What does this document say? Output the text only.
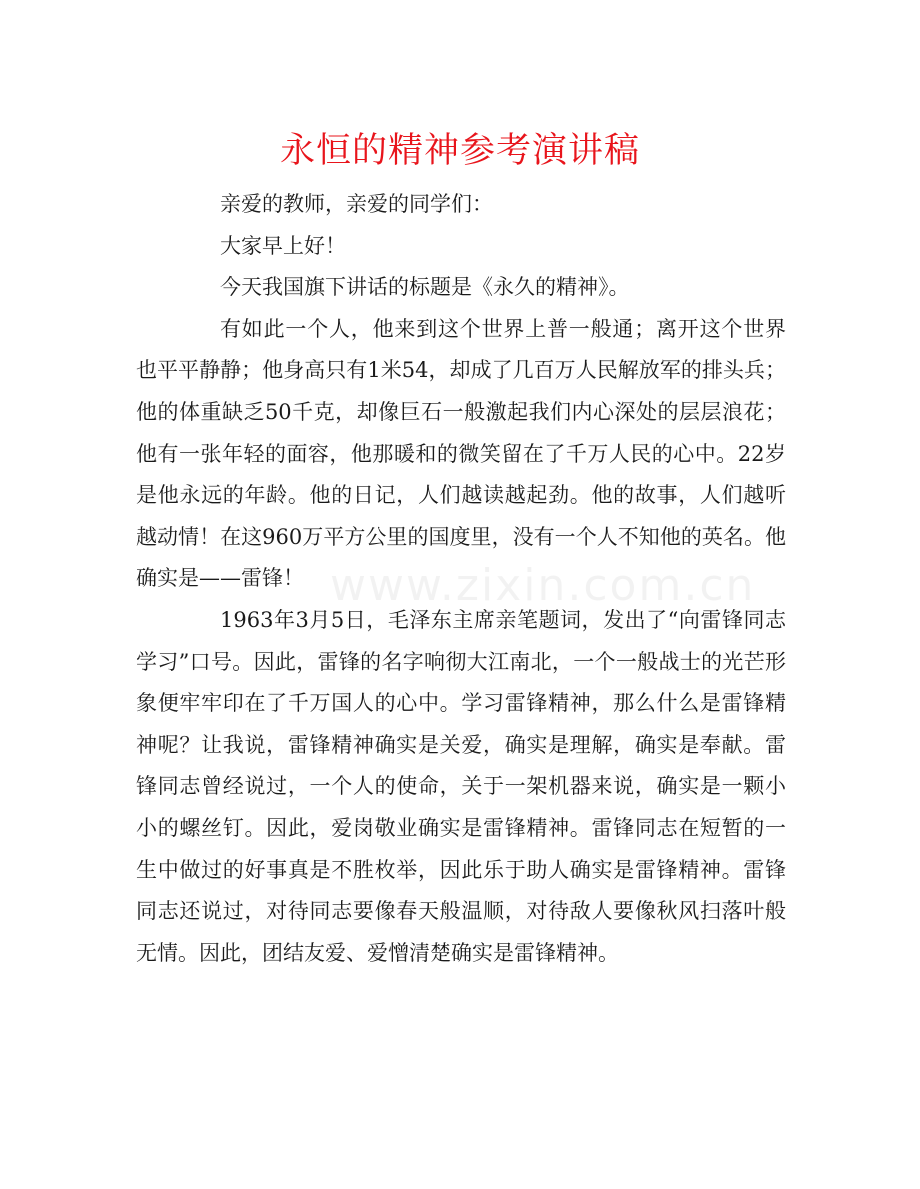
永恒的精神参考演讲稿

亲爱的教师，亲爱的同学们：

大家早上好！

今天我国旗下讲话的标题是《永久的精神》。

有如此一个人，他来到这个世界上普一般通；离开这个世界也平平静静；他身高只有1米54，却成了几百万人民解放军的排头兵；他的体重缺乏50千克，却像巨石一般激起我们内心深处的层层浪花；他有一张年轻的面容，他那暖和的微笑留在了千万人民的心中。22岁是他永远的年龄。他的日记，人们越读越起劲。他的故事，人们越听越动情！在这960万平方公里的国度里，没有一个人不知他的英名。他确实是——雷锋！

1963年3月5日，毛泽东主席亲笔题词，发出了“向雷锋同志学习”口号。因此，雷锋的名字响彻大江南北，一个一般战士的光芒形象便牢牢印在了千万国人的心中。学习雷锋精神，那么什么是雷锋精神呢？让我说，雷锋精神确实是关爱，确实是理解，确实是奉献。雷锋同志曾经说过，一个人的使命，关于一架机器来说，确实是一颗小小的螺丝钉。因此，爱岗敬业确实是雷锋精神。雷锋同志在短暂的一生中做过的好事真是不胜枚举，因此乐于助人确实是雷锋精神。雷锋同志还说过，对待同志要像春天般温顺，对待敌人要像秋风扫落叶般无情。因此，团结友爱、爱憎清楚确实是雷锋精神。

www.zixin.com.cn
